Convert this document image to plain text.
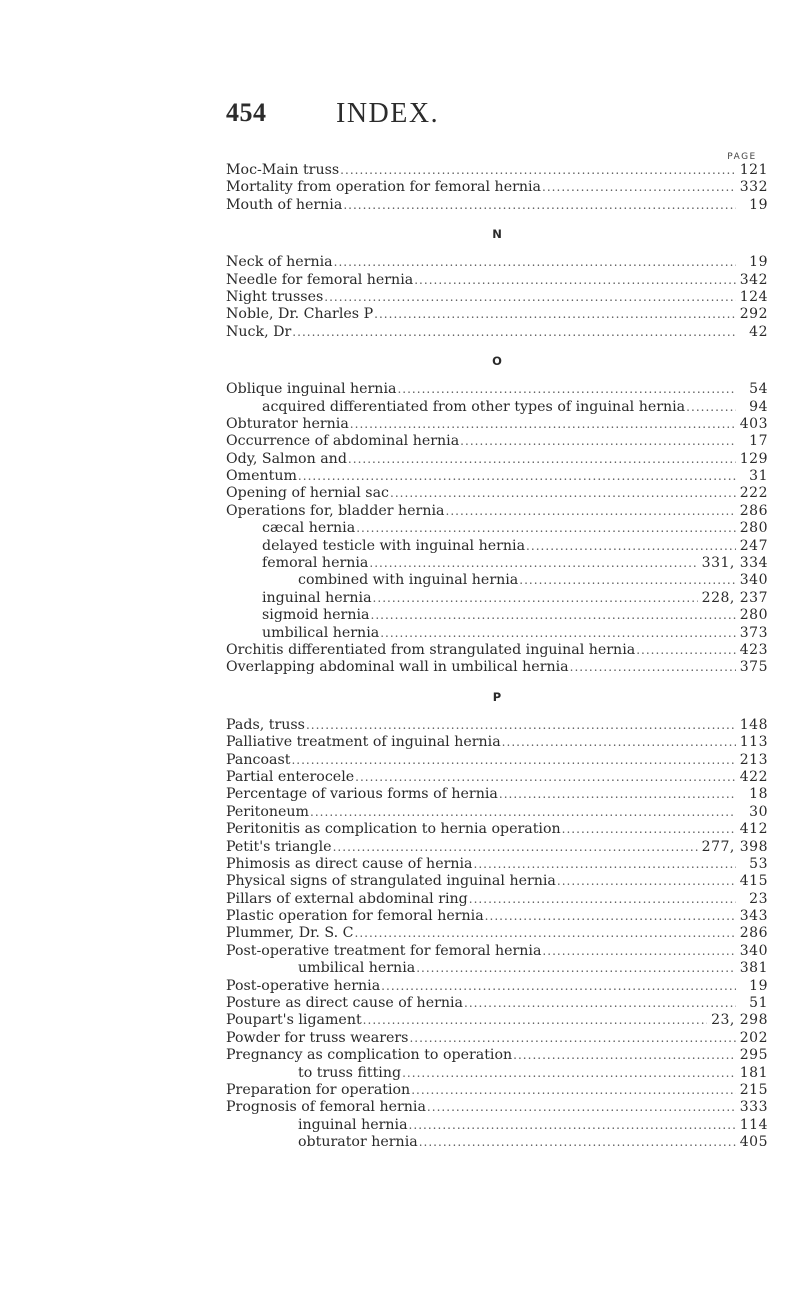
454 INDEX.
PAGE
Moc-Main truss . . .	121
Mortality from operation for femoral hernia . . .	332
Mouth of hernia . . .	19
N
Neck of hernia . . .	19
Needle for femoral hernia . . .	342
Night trusses . . .	124
Noble, Dr. Charles P . . .	292
Nuck, Dr . . .	42
O
Oblique inguinal hernia . . .	54
acquired differentiated from other types of inguinal hernia . . .	94
Obturator hernia . . .	403
Occurrence of abdominal hernia . . .	17
Ody, Salmon and . . .	129
Omentum . . .	31
Opening of hernial sac . . .	222
Operations for, bladder hernia . . .	286
cæcal hernia . . .	280
delayed testicle with inguinal hernia . . .	247
femoral hernia . . .	331, 334
combined with inguinal hernia . . .	340
inguinal hernia . . .	228, 237
sigmoid hernia . . .	280
umbilical hernia . . .	373
Orchitis differentiated from strangulated inguinal hernia . . .	423
Overlapping abdominal wall in umbilical hernia . . .	375
P
Pads, truss . . .	148
Palliative treatment of inguinal hernia . . .	113
Pancoast . . .	213
Partial enterocele . . .	422
Percentage of various forms of hernia . . .	18
Peritoneum . . .	30
Peritonitis as complication to hernia operation . . .	412
Petit's triangle . . .	277, 398
Phimosis as direct cause of hernia . . .	53
Physical signs of strangulated inguinal hernia . . .	415
Pillars of external abdominal ring . . .	23
Plastic operation for femoral hernia . . .	343
Plummer, Dr. S. C . . .	286
Post-operative treatment for femoral hernia . . .	340
umbilical hernia . . .	381
Post-operative hernia . . .	19
Posture as direct cause of hernia . . .	51
Poupart's ligament . . .	23, 298
Powder for truss wearers . . .	202
Pregnancy as complication to operation . . .	295
to truss fitting . . .	181
Preparation for operation . . .	215
Prognosis of femoral hernia . . .	333
inguinal hernia . . .	114
obturator hernia . . .	405
